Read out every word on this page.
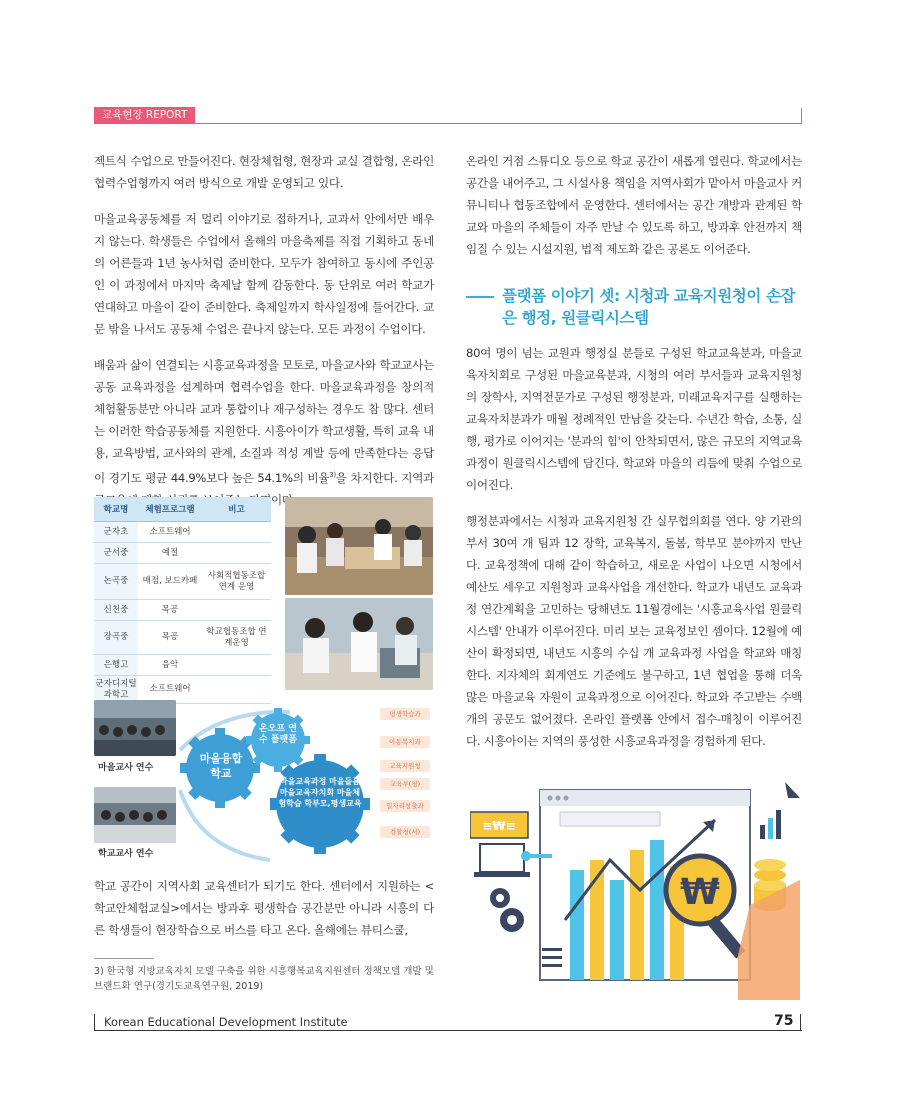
교육현장 REPORT

젝트식 수업으로 만들어진다. 현장체험형, 현장과 교실 결합형, 온라인 협력수업형까지 여러 방식으로 개발 운영되고 있다.

마을교육공동체를 저 멀리 이야기로 접하거나, 교과서 안에서만 배우지 않는다. 학생들은 수업에서 올해의 마을축제를 직접 기획하고 동네의 어른들과 1년 농사처럼 준비한다. 모두가 참여하고 동시에 주인공인 이 과정에서 마지막 축제날 함께 감동한다. 동 단위로 여러 학교가 연대하고 마을이 같이 준비한다. 축제일까지 학사일정에 들어간다. 교문 밖을 나서도 공동체 수업은 끝나지 않는다. 모든 과정이 수업이다.

배움과 삶이 연결되는 시흥교육과정을 모토로, 마을교사와 학교교사는 공동 교육과정을 설계하며 협력수업을 한다. 마을교육과정을 창의적 체험활동분만 아니라 교과 통합이나 재구성하는 경우도 참 많다. 센터는 이러한 학습공동체를 지원한다. 시흥아이가 학교생활, 특히 교육 내용, 교육방법, 교사와의 관계, 소질과 적성 계발 등에 만족한다는 응답이 경기도 평균 44.9%보다 높은 54.1%의 비율$^{3)}$을 차지한다. 지역과 단면이다.

학교명	체험프로그램	비고
군자초	소프트웨어	
군서중	예절	
논곡중	매점, 보드카페	사회적협동조합 연계 운영
신천중	목공	
장곡중	목공	학교협동조합 연계운영
은행고	음악	
군자디지털과학고	소프트웨어	
마을교사 연수
학교교사 연수
마을융합 학교
온오프 연수 플랫폼
마을교육과정 마을돌봄 마을교육자치회 마을체험학습 학부모,평생교육
평생학습과
아동복지과
교육지원청
교육부(청)
일자리창출과
경찰청(서)

학교 공간이 지역사회 교육센터가 되기도 한다. 센터에서 지원하는 <학교안체험교실>에서는 방과후 평생학습 공간분만 아니라 시흥의 다른 학생들이 현장학습으로 버스를 타고 온다. 올해에는 뷰티스쿨,

3) 한국형 지방교육자치 모델 구축을 위한 시흥행복교육지원센터 정책모델 개발 및 브랜드화 연구(경기도교육연구원, 2019)

온라인 거점 스튜디오 등으로 학교 공간이 새롭게 열린다. 학교에서는 공간을 내어주고, 그 시설사용 책임을 지역사회가 맡아서 마을교사 커뮤니티나 협동조합에서 운영한다. 센터에서는 공간 개방과 관계된 학교와 마을의 주체들이 자주 만날 수 있도록 하고, 방과후 안전까지 책임질 수 있는 시설지원, 법적 제도화 같은 공론도 이어준다.

플랫폼 이야기 셋: 시청과 교육지원청이 손잡은 행정, 원클릭시스템

80여 명이 넘는 교원과 행정실 분들로 구성된 학교교육분과, 마을교육자치회로 구성된 마을교육분과, 시청의 여러 부서들과 교육지원청의 장학사, 지역전문가로 구성된 행정분과, 미래교육지구를 실행하는 교육자치분과가 매월 정례적인 만남을 갖는다. 수년간 학습, 소통, 실행, 평가로 이어지는 '분과의 힘'이 안착되면서, 많은 규모의 지역교육과정이 원클릭시스템에 담긴다. 학교와 마을의 리듬에 맞춰 수업으로 이어진다.

행정분과에서는 시청과 교육지원청 간 실무협의회를 연다. 양 기관의 부서 30여 개 팀과 12 장학, 교육복지, 돌봄, 학부모 분야까지 만난다. 교육정책에 대해 같이 학습하고, 새로운 사업이 나오면 시청에서 예산도 세우고 지원청과 교육사업을 개선한다. 학교가 내년도 교육과정 연간계획을 고민하는 당해년도 11월경에는 '시흥교육사업 원클릭시스템' 안내가 이루어진다. 미리 보는 교육정보인 셈이다. 12월에 예산이 확정되면, 내년도 시흥의 수십 개 교육과정 사업을 학교와 매칭한다. 지자체의 회계연도 기준에도 불구하고, 1년 협업을 통해 더욱 많은 마을교육 자원이 교육과정으로 이어진다. 학교와 주고받는 수백 개의 공문도 없어졌다. 온라인 플랫폼 안에서 접수-매칭이 이루어진다. 시흥아이는 지역의 풍성한 시흥교육과정을 경험하게 된다.

≡₩≡
₩
Korean Educational Development Institute	75
